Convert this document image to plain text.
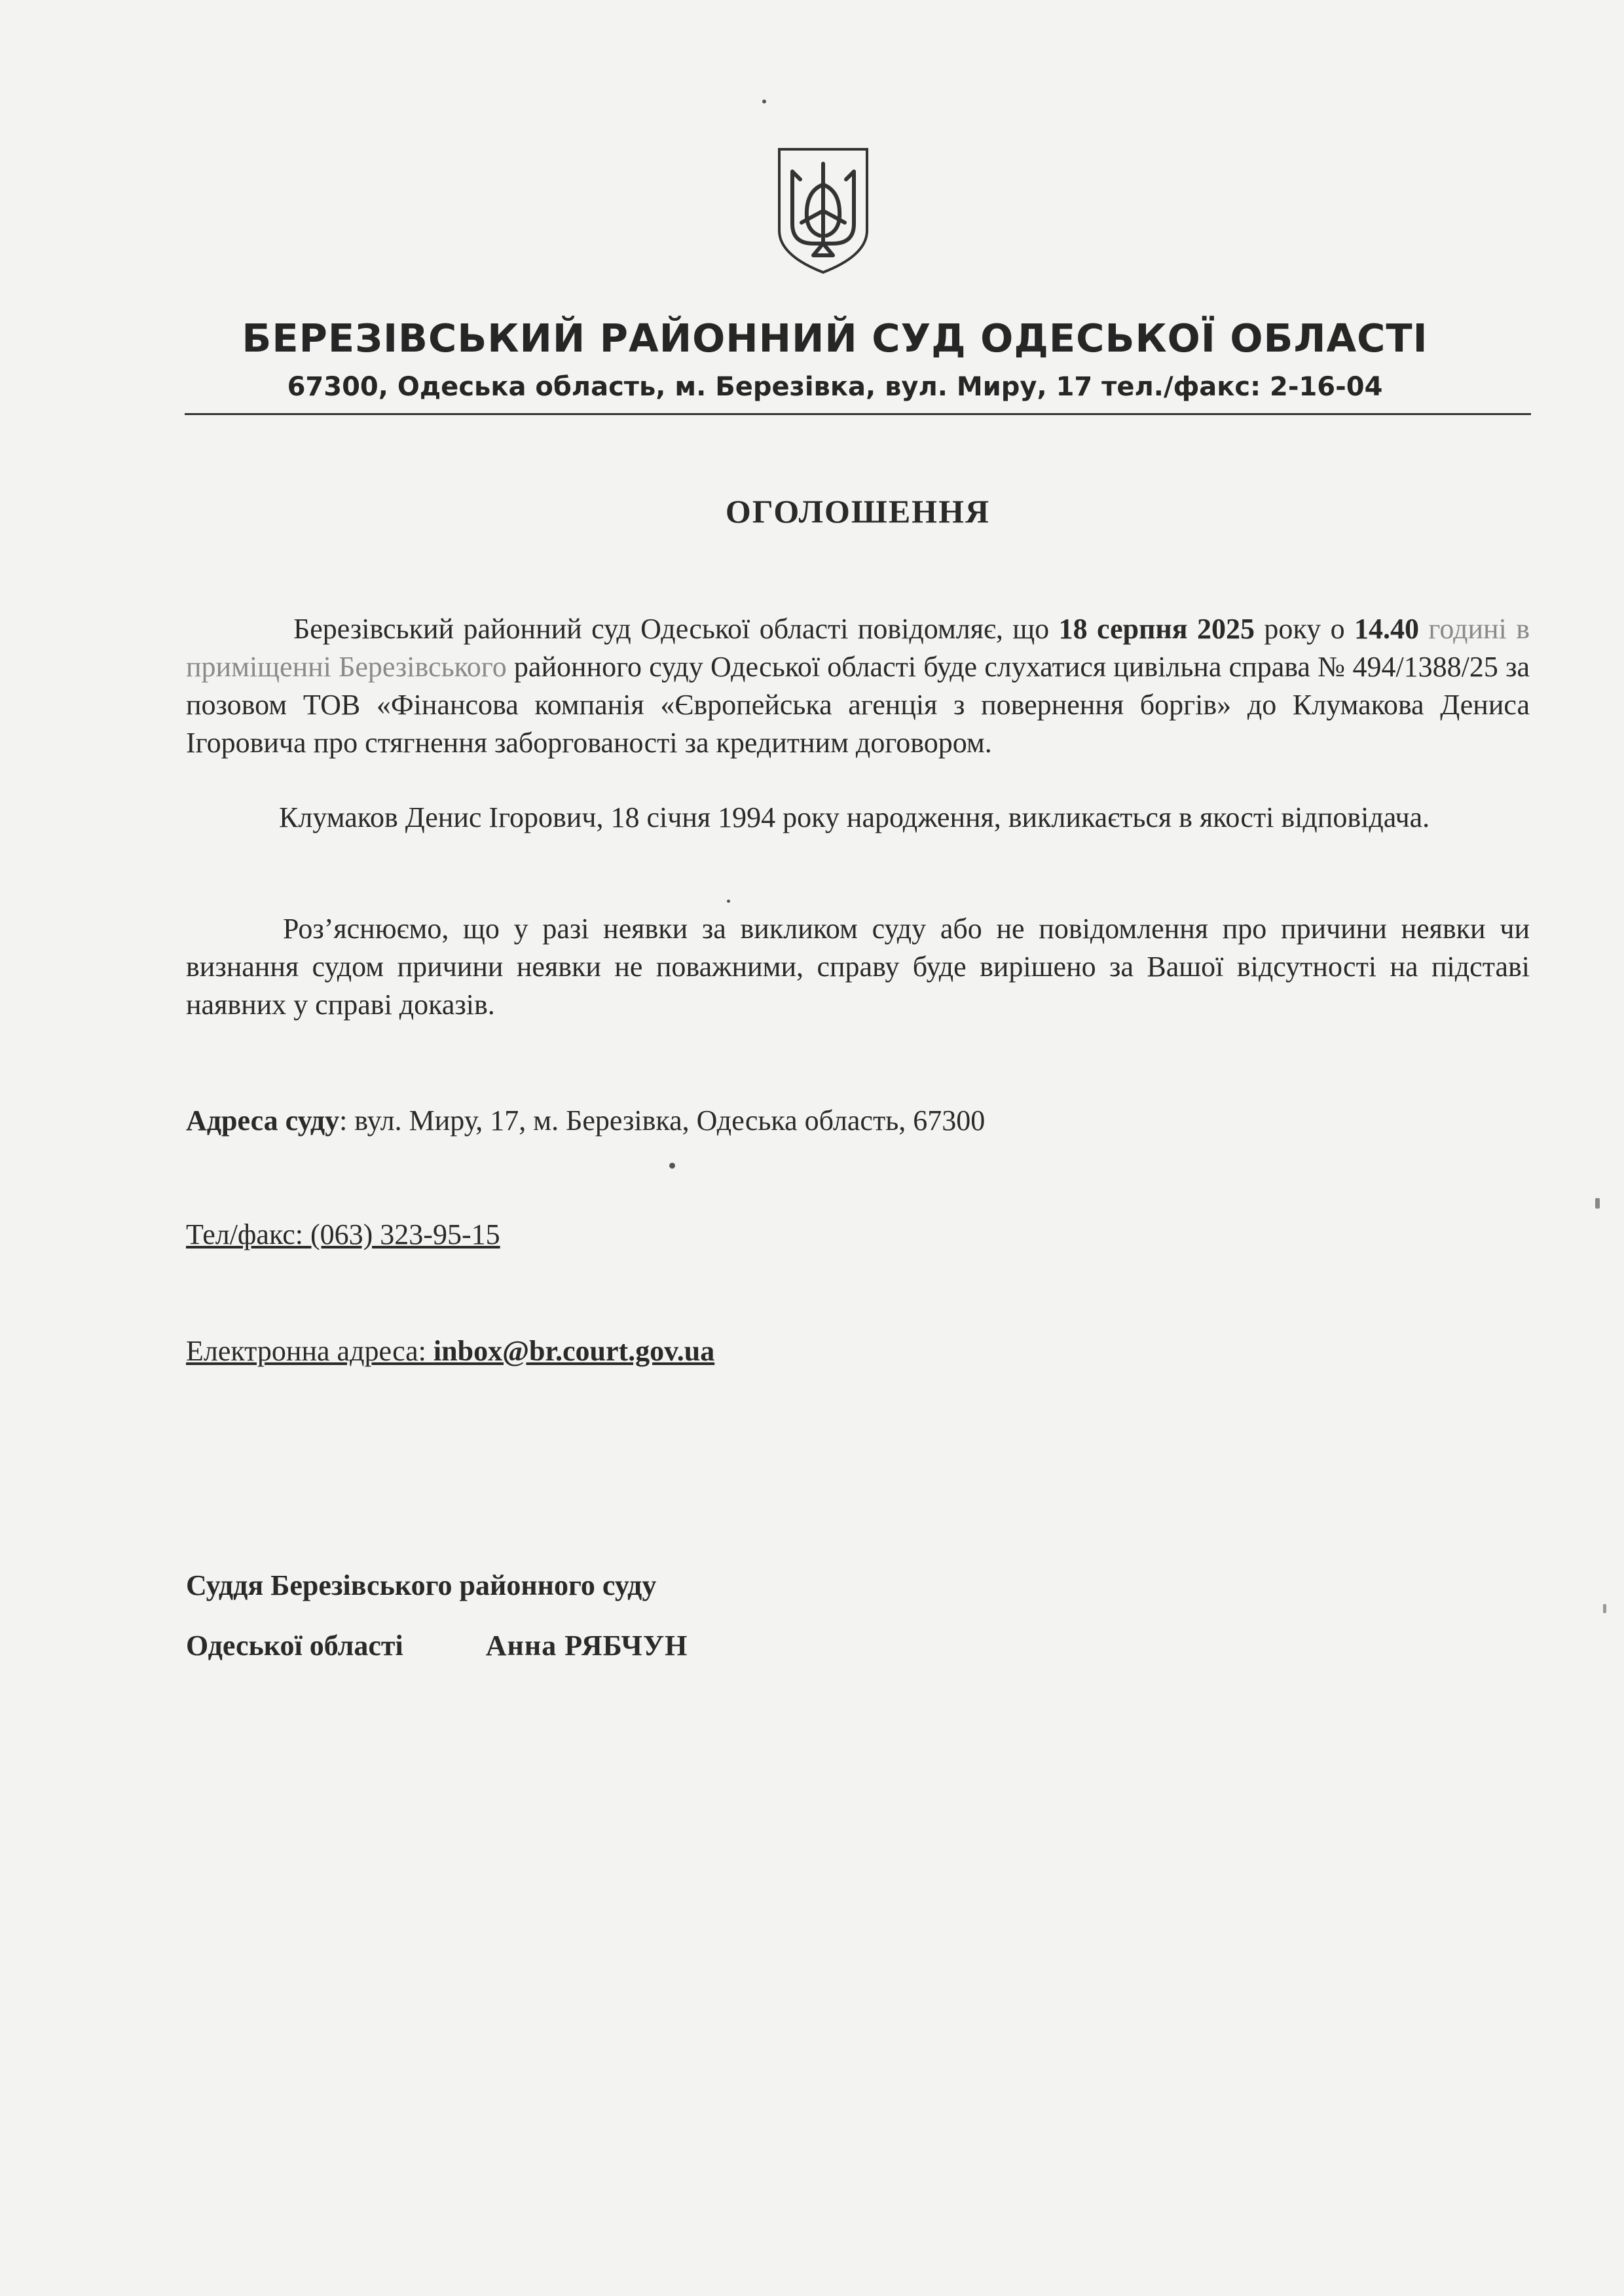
БЕРЕЗІВСЬКИЙ РАЙОННИЙ СУД ОДЕСЬКОЇ ОБЛАСТІ
67300, Одеська область, м. Березівка, вул. Миру, 17 тел./факс: 2-16-04
ОГОЛОШЕННЯ
Березівський районний суд Одеської області повідомляє, що 18 серпня 2025 року о 14.40 годині в приміщенні Березівського районного суду Одеської області буде слухатися цивільна справа № 494/1388/25 за позовом ТОВ «Фінансова компанія «Європейська агенція з повернення боргів» до Клумакова Дениса Ігоровича про стягнення заборгованості за кредитним договором.
Клумаков Денис Ігорович, 18 січня 1994 року народження, викликається в якості відповідача.
Роз’яснюємо, що у разі неявки за викликом суду або не повідомлення про причини неявки чи визнання судом причини неявки не поважними, справу буде вирішено за Вашої відсутності на підставі наявних у справі доказів.
Адреса суду: вул. Миру, 17, м. Березівка, Одеська область, 67300
Тел/факс: (063) 323-95-15
Електронна адреса: inbox@br.court.gov.ua
Суддя Березівського районного суду
Одеської області	Анна РЯБЧУН
